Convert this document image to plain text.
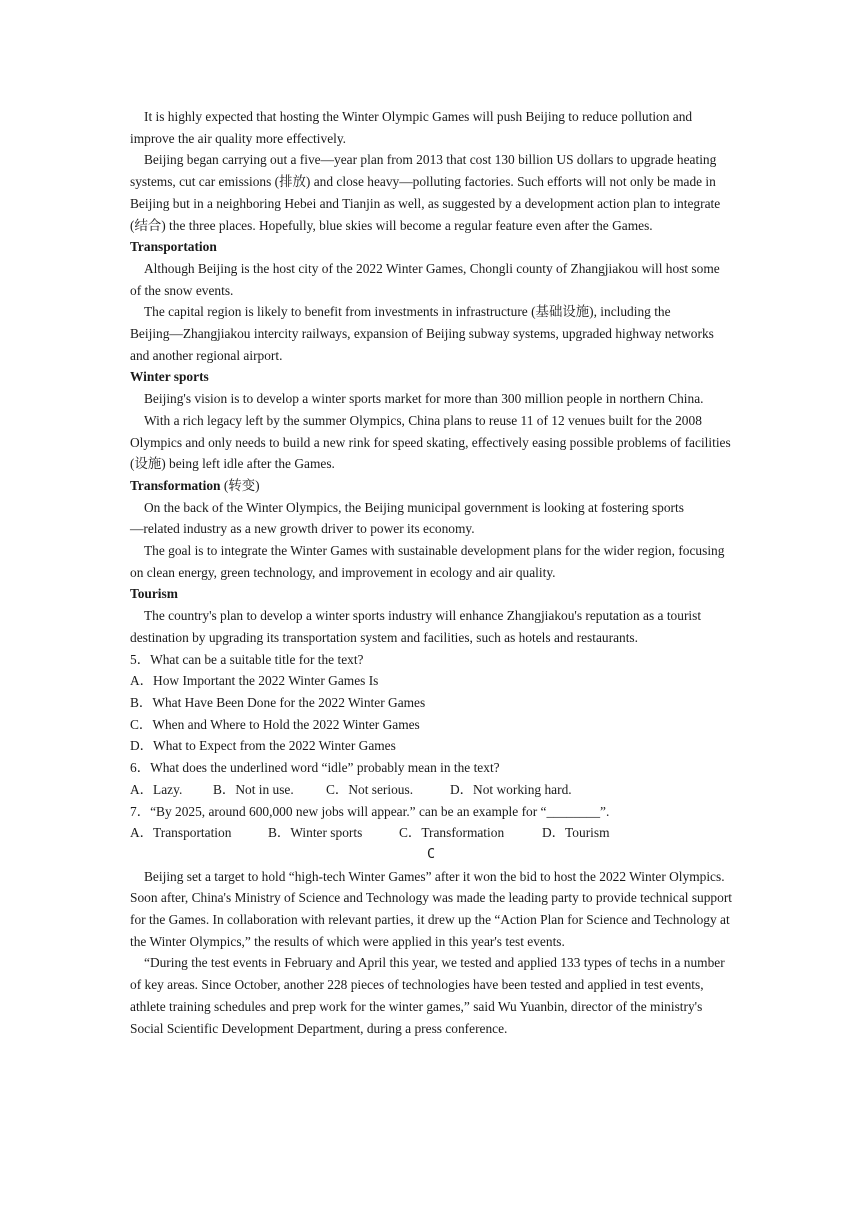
It is highly expected that hosting the Winter Olympic Games will push Beijing to reduce pollution and improve the air quality more effectively.

Beijing began carrying out a five―year plan from 2013 that cost 130 billion US dollars to upgrade heating systems, cut car emissions (排放) and close heavy―polluting factories. Such efforts will not only be made in Beijing but in a neighboring Hebei and Tianjin as well, as suggested by a development action plan to integrate (结合) the three places. Hopefully, blue skies will become a regular feature even after the Games.

Transportation

Although Beijing is the host city of the 2022 Winter Games, Chongli county of Zhangjiakou will host some of the snow events.

The capital region is likely to benefit from investments in infrastructure (基础设施), including the Beijing―Zhangjiakou intercity railways, expansion of Beijing subway systems, upgraded highway networks and another regional airport.

Winter sports

Beijing's vision is to develop a winter sports market for more than 300 million people in northern China.

With a rich legacy left by the summer Olympics, China plans to reuse 11 of 12 venues built for the 2008 Olympics and only needs to build a new rink for speed skating, effectively easing possible problems of facilities (设施) being left idle after the Games.

Transformation (转变)

On the back of the Winter Olympics, the Beijing municipal government is looking at fostering sports ―related industry as a new growth driver to power its economy.

The goal is to integrate the Winter Games with sustainable development plans for the wider region, focusing on clean energy, green technology, and improvement in ecology and air quality.

Tourism

The country's plan to develop a winter sports industry will enhance Zhangjiakou's reputation as a tourist destination by upgrading its transportation system and facilities, such as hotels and restaurants.

5．What can be a suitable title for the text?

A．How Important the 2022 Winter Games Is

B．What Have Been Done for the 2022 Winter Games

C．When and Where to Hold the 2022 Winter Games

D．What to Expect from the 2022 Winter Games

6．What does the underlined word “idle” probably mean in the text?

A．Lazy.	B．Not in use.	C．Not serious.	D．Not working hard.

7．“By 2025, around 600,000 new jobs will appear.” can be an example for “________”.

A．Transportation	B．Winter sports	C．Transformation	D．Tourism

C

Beijing set a target to hold “high-tech Winter Games” after it won the bid to host the 2022 Winter Olympics. Soon after, China's Ministry of Science and Technology was made the leading party to provide technical support for the Games. In collaboration with relevant parties, it drew up the “Action Plan for Science and Technology at the Winter Olympics,” the results of which were applied in this year's test events.

“During the test events in February and April this year, we tested and applied 133 types of techs in a number of key areas. Since October, another 228 pieces of technologies have been tested and applied in test events, athlete training schedules and prep work for the winter games,” said Wu Yuanbin, director of the ministry's Social Scientific Development Department, during a press conference.
